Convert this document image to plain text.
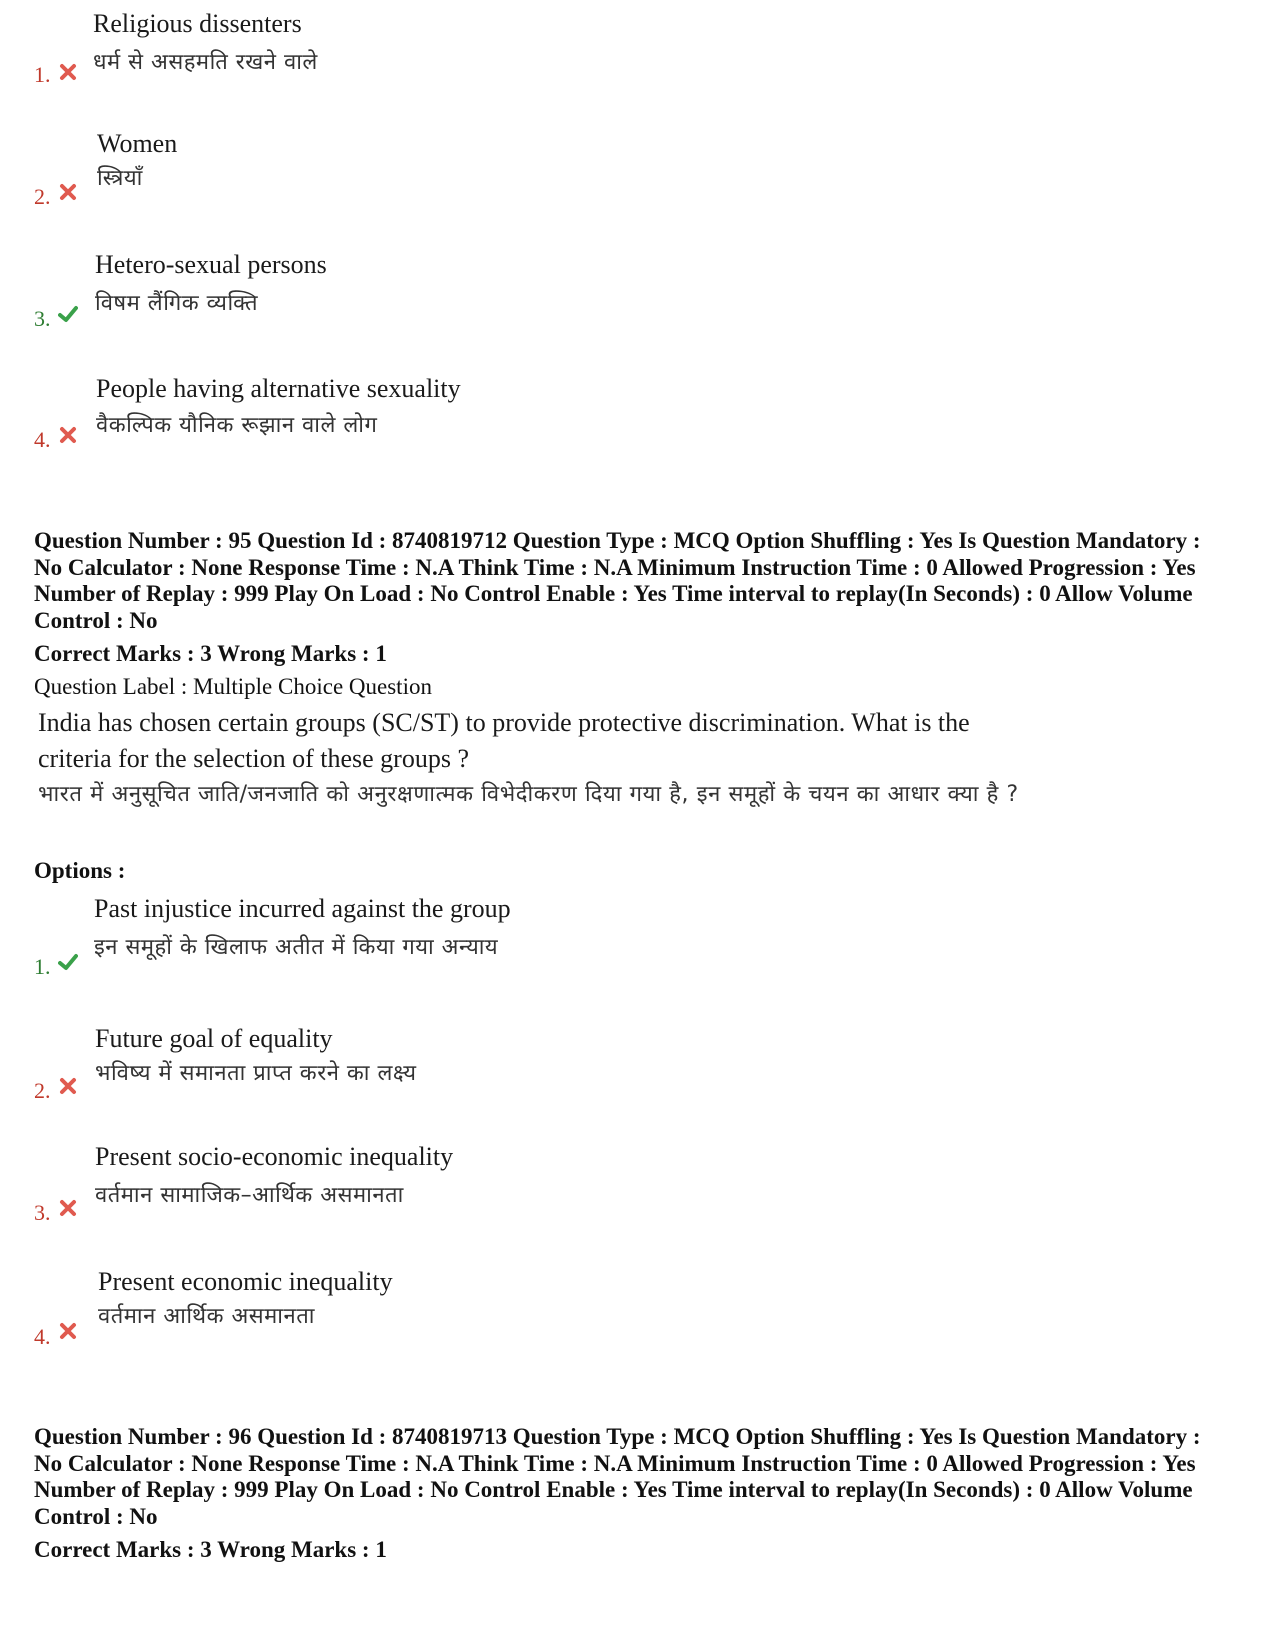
Religious dissenters
धर्म से असहमति रखने वाले
1.
Women
स्त्रियाँ
2.
Hetero-sexual persons
विषम लैंगिक व्यक्ति
3.
People having alternative sexuality
वैकल्पिक यौनिक रूझान वाले लोग
4.
Question Number : 95 Question Id : 8740819712 Question Type : MCQ Option Shuffling : Yes Is Question Mandatory : No Calculator : None Response Time : N.A Think Time : N.A Minimum Instruction Time : 0 Allowed Progression : Yes Number of Replay : 999 Play On Load : No Control Enable : Yes Time interval to replay(In Seconds) : 0 Allow Volume Control : No
Correct Marks : 3 Wrong Marks : 1
Question Label : Multiple Choice Question
India has chosen certain groups (SC/ST) to provide protective discrimination. What is the criteria for the selection of these groups ?
भारत में अनुसूचित जाति/जनजाति को अनुरक्षणात्मक विभेदीकरण दिया गया है, इन समूहों के चयन का आधार क्या है ?
Options :
Past injustice incurred against the group
इन समूहों के खिलाफ अतीत में किया गया अन्याय
1.
Future goal of equality
भविष्य में समानता प्राप्त करने का लक्ष्य
2.
Present socio-economic inequality
वर्तमान सामाजिक–आर्थिक असमानता
3.
Present economic inequality
वर्तमान आर्थिक असमानता
4.
Question Number : 96 Question Id : 8740819713 Question Type : MCQ Option Shuffling : Yes Is Question Mandatory : No Calculator : None Response Time : N.A Think Time : N.A Minimum Instruction Time : 0 Allowed Progression : Yes Number of Replay : 999 Play On Load : No Control Enable : Yes Time interval to replay(In Seconds) : 0 Allow Volume Control : No
Correct Marks : 3 Wrong Marks : 1
